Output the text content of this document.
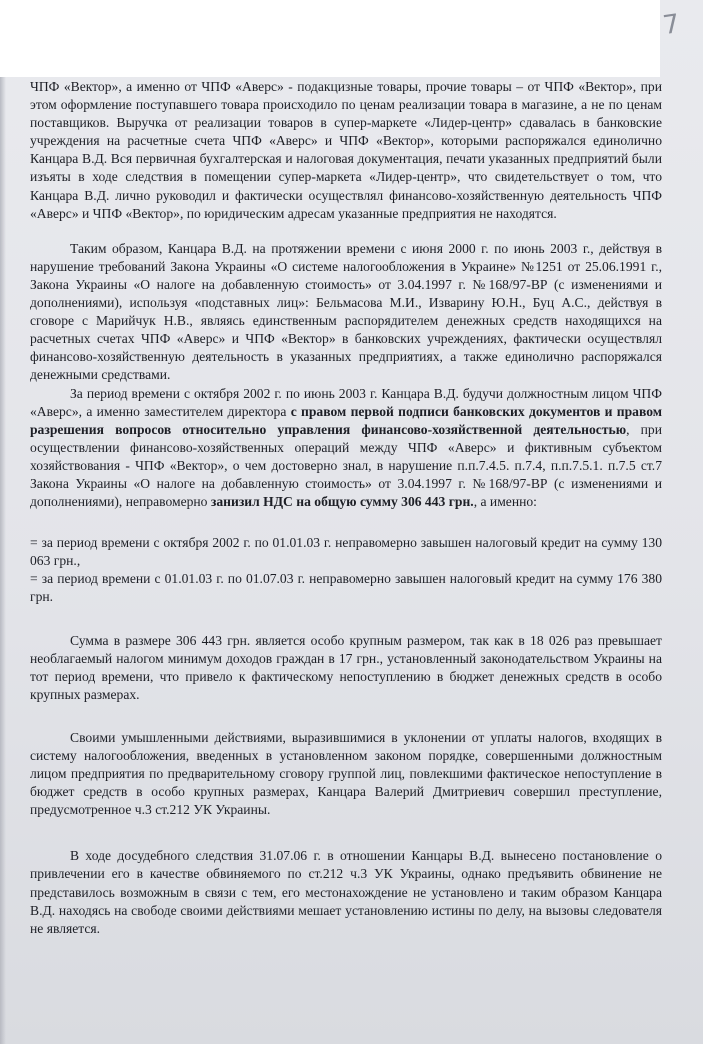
7

ЧПФ «Вектор», а именно от ЧПФ «Аверс» - подакцизные товары, прочие товары – от ЧПФ «Вектор», при этом оформление поступавшего товара происходило по ценам реализации товара в магазине, а не по ценам поставщиков. Выручка от реализации товаров в супер-маркете «Лидер-центр» сдавалась в банковские учреждения на расчетные счета ЧПФ «Аверс» и ЧПФ «Вектор», которыми распоряжался единолично Канцара В.Д. Вся первичная бухгалтерская и налоговая документация, печати указанных предприятий были изъяты в ходе следствия в помещении супер-маркета «Лидер-центр», что свидетельствует о том, что Канцара В.Д. лично руководил и фактически осуществлял финансово-хозяйственную деятельность ЧПФ «Аверс» и ЧПФ «Вектор», по юридическим адресам указанные предприятия не находятся.

Таким образом, Канцара В.Д. на протяжении времени с июня 2000 г. по июнь 2003 г., действуя в нарушение требований Закона Украины «О системе налогообложения в Украине» №1251 от 25.06.1991 г., Закона Украины «О налоге на добавленную стоимость» от 3.04.1997 г. №168/97-ВР (с изменениями и дополнениями), используя «подставных лиц»: Бельмасова М.И., Изварину Ю.Н., Буц А.С., действуя в сговоре с Марийчук Н.В., являясь единственным распорядителем денежных средств находящихся на расчетных счетах ЧПФ «Аверс» и ЧПФ «Вектор» в банковских учреждениях, фактически осуществлял финансово-хозяйственную деятельность в указанных предприятиях, а также единолично распоряжался денежными средствами.

За период времени с октября 2002 г. по июнь 2003 г. Канцара В.Д. будучи должностным лицом ЧПФ «Аверс», а именно заместителем директора с правом первой подписи банковских документов и правом разрешения вопросов относительно управления финансово-хозяйственной деятельностью, при осуществлении финансово-хозяйственных операций между ЧПФ «Аверс» и фиктивным субъектом хозяйствования - ЧПФ «Вектор», о чем достоверно знал, в нарушение п.п.7.4.5. п.7.4, п.п.7.5.1. п.7.5 ст.7 Закона Украины «О налоге на добавленную стоимость» от 3.04.1997 г. №168/97-ВР (с изменениями и дополнениями), неправомерно занизил НДС на общую сумму 306 443 грн., а именно:

= за период времени с октября 2002 г. по 01.01.03 г. неправомерно завышен налоговый кредит на сумму 130 063 грн.,

= за период времени с 01.01.03 г. по 01.07.03 г. неправомерно завышен налоговый кредит на сумму 176 380 грн.

Сумма в размере 306 443 грн. является особо крупным размером, так как в 18 026 раз превышает необлагаемый налогом минимум доходов граждан в 17 грн., установленный законодательством Украины на тот период времени, что привело к фактическому непоступлению в бюджет денежных средств в особо крупных размерах.

Своими умышленными действиями, выразившимися в уклонении от уплаты налогов, входящих в систему налогообложения, введенных в установленном законом порядке, совершенными должностным лицом предприятия по предварительному сговору группой лиц, повлекшими фактическое непоступление в бюджет средств в особо крупных размерах, Канцара Валерий Дмитриевич совершил преступление, предусмотренное ч.3 ст.212 УК Украины.

В ходе досудебного следствия 31.07.06 г. в отношении Канцары В.Д. вынесено постановление о привлечении его в качестве обвиняемого по ст.212 ч.3 УК Украины, однако предъявить обвинение не представилось возможным в связи с тем, его местонахождение не установлено и таким образом Канцара В.Д. находясь на свободе своими действиями мешает установлению истины по делу, на вызовы следователя не является.
